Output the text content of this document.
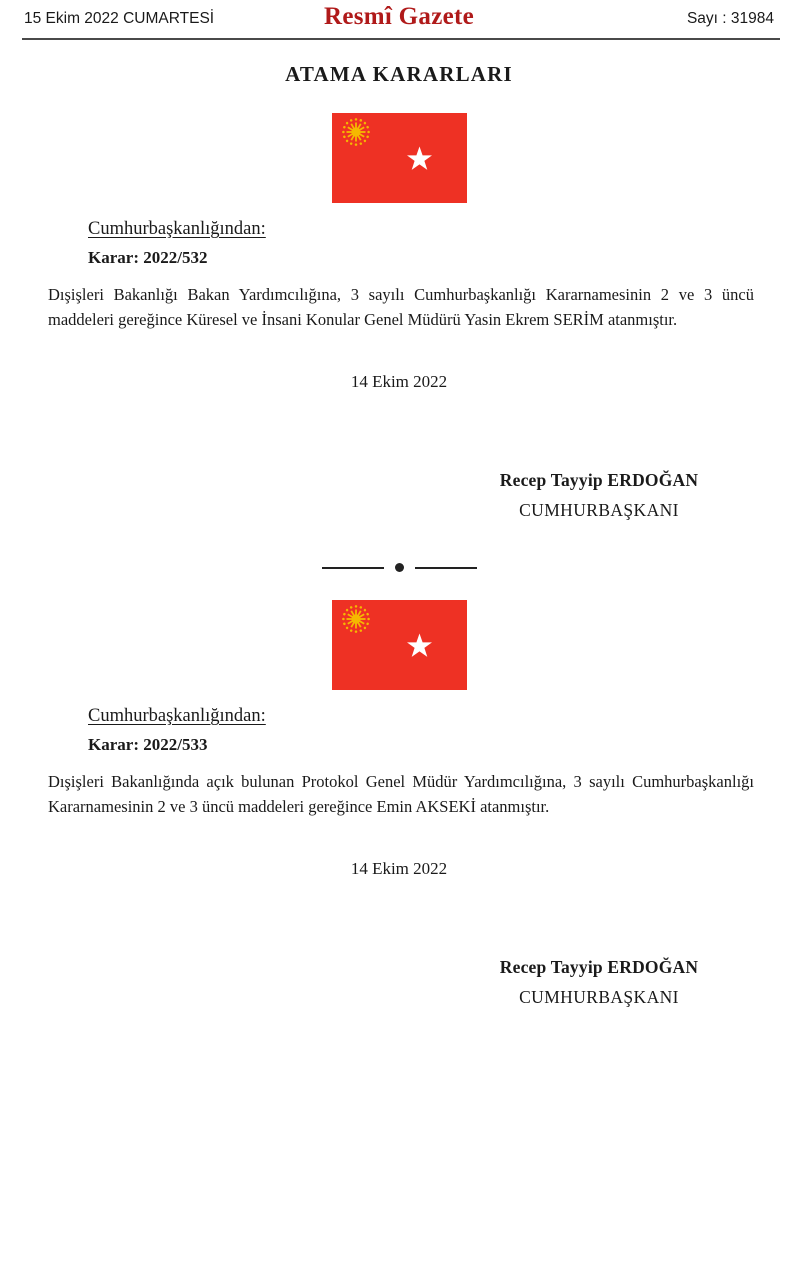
15 Ekim 2022 CUMARTESİ	Resmî Gazete	Sayı : 31984
ATAMA KARARLARI
Cumhurbaşkanlığından:
Karar: 2022/532

Dışişleri Bakanlığı Bakan Yardımcılığına, 3 sayılı Cumhurbaşkanlığı Kararnamesinin 2 ve 3 üncü maddeleri gereğince Küresel ve İnsani Konular Genel Müdürü Yasin Ekrem SERİM atanmıştır.

14 Ekim 2022
Recep Tayyip ERDOĞAN
CUMHURBAŞKANI
Cumhurbaşkanlığından:
Karar: 2022/533

Dışişleri Bakanlığında açık bulunan Protokol Genel Müdür Yardımcılığına, 3 sayılı Cumhurbaşkanlığı Kararnamesinin 2 ve 3 üncü maddeleri gereğince Emin AKSEKİ atanmıştır.

14 Ekim 2022
Recep Tayyip ERDOĞAN
CUMHURBAŞKANI
